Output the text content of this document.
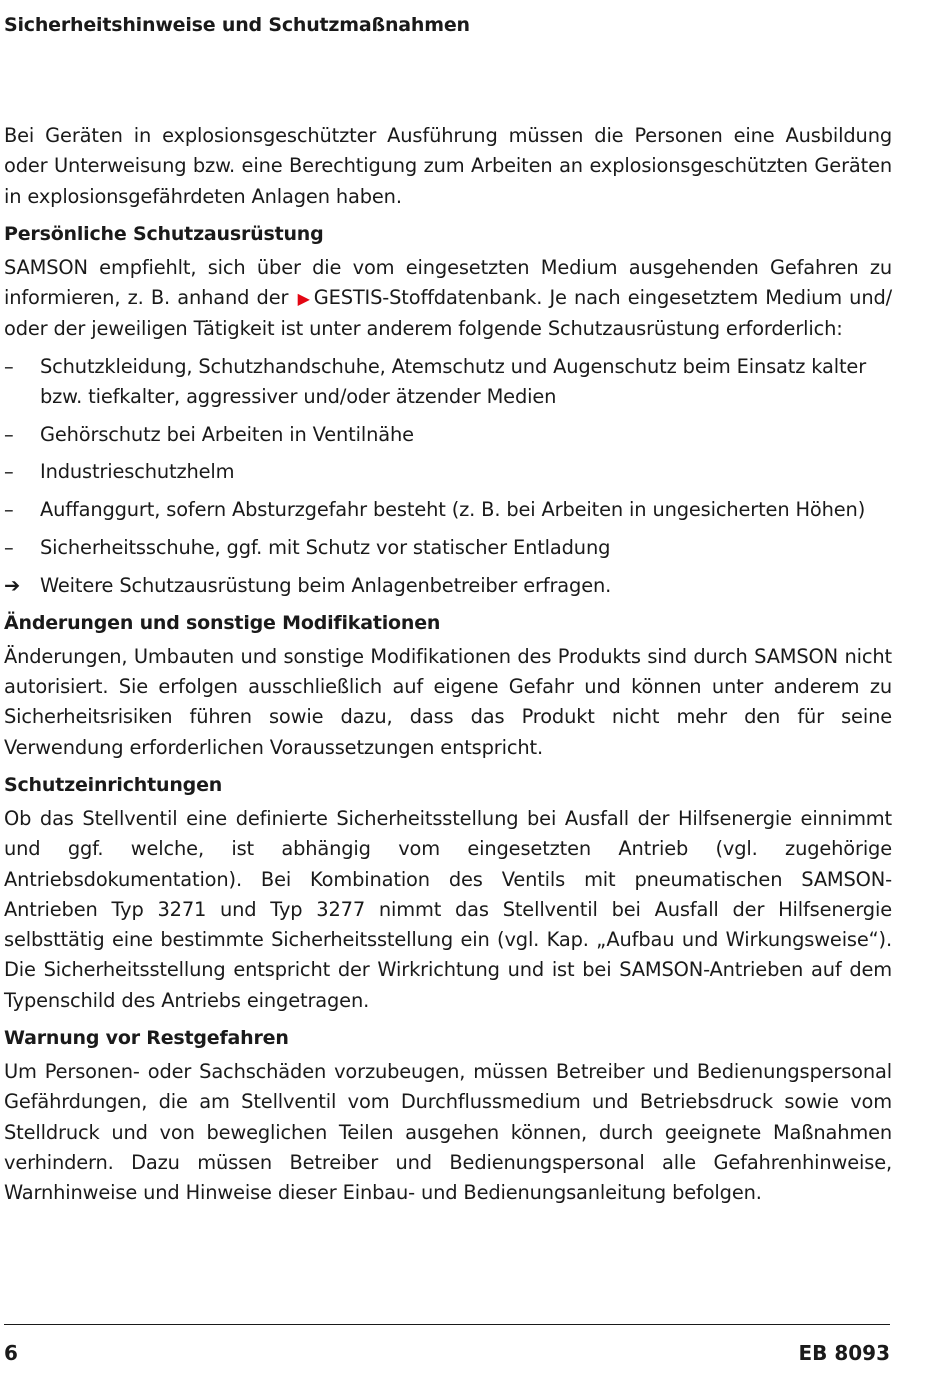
Sicherheitshinweise und Schutzmaßnahmen

Bei Geräten in explosionsgeschützter Ausführung müssen die Personen eine Ausbildung oder Unterweisung bzw. eine Berechtigung zum Arbeiten an explosionsgeschützten Geräten in explosionsgefährdeten Anlagen haben.

Persönliche Schutzausrüstung

SAMSON empfiehlt, sich über die vom eingesetzten Medium ausgehenden Gefahren zu informieren, z. B. anhand der ▶ GESTIS-Stoffdatenbank. Je nach eingesetztem Medium und/ oder der jeweiligen Tätigkeit ist unter anderem folgende Schutzausrüstung erforderlich:

– Schutzkleidung, Schutzhandschuhe, Atemschutz und Augenschutz beim Einsatz kalter bzw. tiefkalter, aggressiver und/oder ätzender Medien
– Gehörschutz bei Arbeiten in Ventilnähe
– Industrieschutzhelm
– Auffanggurt, sofern Absturzgefahr besteht (z. B. bei Arbeiten in ungesicherten Höhen)
– Sicherheitsschuhe, ggf. mit Schutz vor statischer Entladung
➔ Weitere Schutzausrüstung beim Anlagenbetreiber erfragen.
Änderungen und sonstige Modifikationen

Änderungen, Umbauten und sonstige Modifikationen des Produkts sind durch SAMSON nicht autorisiert. Sie erfolgen ausschließlich auf eigene Gefahr und können unter anderem zu Sicherheitsrisiken führen sowie dazu, dass das Produkt nicht mehr den für seine Verwendung erforderlichen Voraussetzungen entspricht.

Schutzeinrichtungen

Ob das Stellventil eine definierte Sicherheitsstellung bei Ausfall der Hilfsenergie einnimmt und ggf. welche, ist abhängig vom eingesetzten Antrieb (vgl. zugehörige Antriebsdokumentation). Bei Kombination des Ventils mit pneumatischen SAMSON-Antrieben Typ 3271 und Typ 3277 nimmt das Stellventil bei Ausfall der Hilfsenergie selbsttätig eine bestimmte Sicherheitsstellung ein (vgl. Kap. „Aufbau und Wirkungsweise“). Die Sicherheitsstellung entspricht der Wirkrichtung und ist bei SAMSON-Antrieben auf dem Typenschild des Antriebs eingetragen.

Warnung vor Restgefahren

Um Personen- oder Sachschäden vorzubeugen, müssen Betreiber und Bedienungspersonal Gefährdungen, die am Stellventil vom Durchflussmedium und Betriebsdruck sowie vom Stelldruck und von beweglichen Teilen ausgehen können, durch geeignete Maßnahmen verhindern. Dazu müssen Betreiber und Bedienungspersonal alle Gefahrenhinweise, Warnhinweise und Hinweise dieser Einbau- und Bedienungsanleitung befolgen.

6	EB 8093
